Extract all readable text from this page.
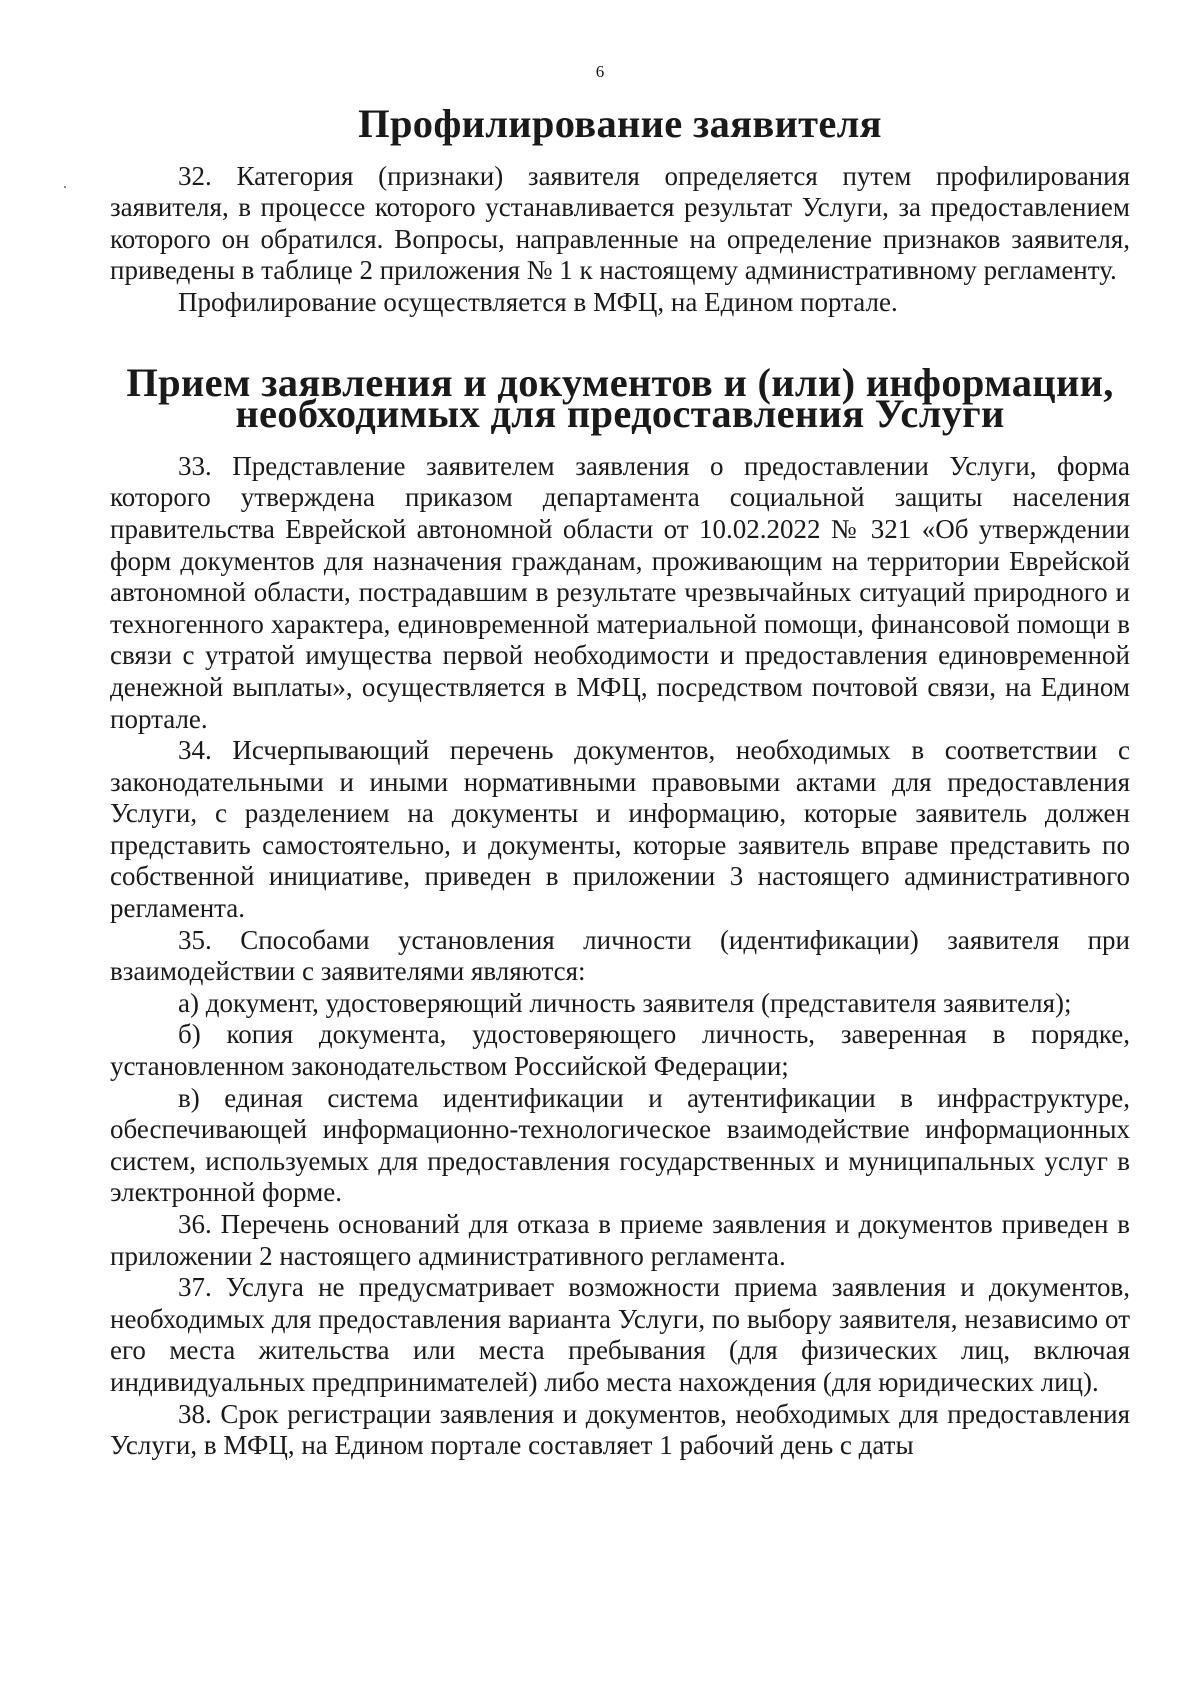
6
Профилирование заявителя

32. Категория (признаки) заявителя определяется путем профилирования заявителя, в процессе которого устанавливается результат Услуги, за предоставлением которого он обратился. Вопросы, направленные на определение признаков заявителя, приведены в таблице 2 приложения № 1 к настоящему административному регламенту.

Профилирование осуществляется в МФЦ, на Едином портале.

Прием заявления и документов и (или) информации, необходимых для предоставления Услуги

33. Представление заявителем заявления о предоставлении Услуги, форма которого утверждена приказом департамента социальной защиты населения правительства Еврейской автономной области от 10.02.2022 № 321 «Об утверждении форм документов для назначения гражданам, проживающим на территории Еврейской автономной области, пострадавшим в результате чрезвычайных ситуаций природного и техногенного характера, единовременной материальной помощи, финансовой помощи в связи с утратой имущества первой необходимости и предоставления единовременной денежной выплаты», осуществляется в МФЦ, посредством почтовой связи, на Едином портале.

34. Исчерпывающий перечень документов, необходимых в соответствии с законодательными и иными нормативными правовыми актами для предоставления Услуги, с разделением на документы и информацию, которые заявитель должен представить самостоятельно, и документы, которые заявитель вправе представить по собственной инициативе, приведен в приложении 3 настоящего административного регламента.

35. Способами установления личности (идентификации) заявителя при взаимодействии с заявителями являются:

а) документ, удостоверяющий личность заявителя (представителя заявителя);

б) копия документа, удостоверяющего личность, заверенная в порядке, установленном законодательством Российской Федерации;

в) единая система идентификации и аутентификации в инфраструктуре, обеспечивающей информационно-технологическое взаимодействие информационных систем, используемых для предоставления государственных и муниципальных услуг в электронной форме.

36. Перечень оснований для отказа в приеме заявления и документов приведен в приложении 2 настоящего административного регламента.

37. Услуга не предусматривает возможности приема заявления и документов, необходимых для предоставления варианта Услуги, по выбору заявителя, независимо от его места жительства или места пребывания (для физических лиц, включая индивидуальных предпринимателей) либо места нахождения (для юридических лиц).

38. Срок регистрации заявления и документов, необходимых для предоставления Услуги, в МФЦ, на Едином портале составляет 1 рабочий день с даты
